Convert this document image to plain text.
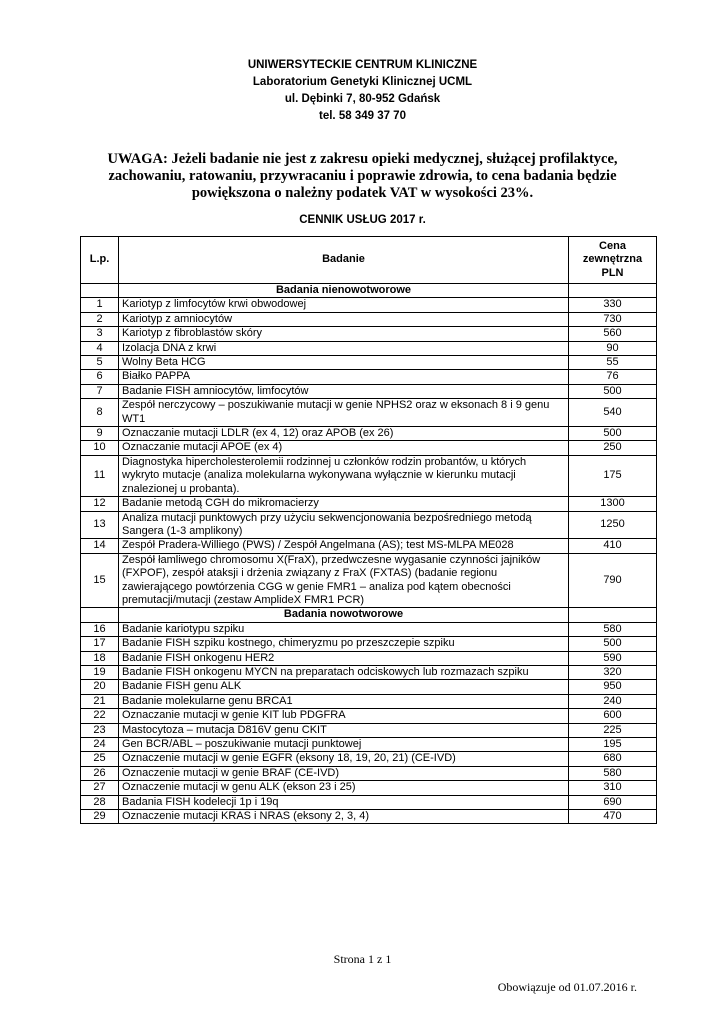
UNIWERSYTECKIE CENTRUM KLINICZNE
Laboratorium Genetyki Klinicznej UCML
ul. Dębinki 7, 80-952 Gdańsk
tel. 58 349 37 70
UWAGA: Jeżeli badanie nie jest z zakresu opieki medycznej, służącej profilaktyce,
zachowaniu, ratowaniu, przywracaniu i poprawie zdrowia, to cena badania będzie
powiększona o należny podatek VAT w wysokości 23%.
CENNIK USŁUG 2017 r.
L.p.	Badanie	Cena
zewnętrzna
PLN

	Badania nienowotworowe	
1	Kariotyp z limfocytów krwi obwodowej	330
2	Kariotyp z amniocytów	730
3	Kariotyp z fibroblastów skóry	560
4	Izolacja DNA z krwi	90
5	Wolny Beta HCG	55
6	Białko PAPPA	76
7	Badanie FISH amniocytów, limfocytów	500
8	Zespół nerczycowy – poszukiwanie mutacji w genie NPHS2 oraz w eksonach 8 i 9 genu WT1	540
9	Oznaczanie mutacji LDLR (ex 4, 12) oraz APOB (ex 26)	500
10	Oznaczanie mutacji APOE (ex 4)	250
11	Diagnostyka hipercholesterolemii rodzinnej u członków rodzin probantów, u których wykryto mutacje (analiza molekularna wykonywana wyłącznie w kierunku mutacji znalezionej u probanta).	175
12	Badanie metodą CGH do mikromacierzy	1300
13	Analiza mutacji punktowych przy użyciu sekwencjonowania bezpośredniego metodą Sangera (1-3 amplikony)	1250
14	Zespół Pradera-Williego (PWS) / Zespół Angelmana (AS); test MS-MLPA ME028	410
15	Zespół łamliwego chromosomu X(FraX), przedwczesne wygasanie czynności jajników (FXPOF), zespół ataksji i drżenia związany z FraX (FXTAS) (badanie regionu zawierającego powtórzenia CGG w genie FMR1 – analiza pod kątem obecności premutacji/mutacji (zestaw AmplideX FMR1 PCR)	790
	Badania nowotworowe	
16	Badanie kariotypu szpiku	580
17	Badanie FISH szpiku kostnego, chimeryzmu po przeszczepie szpiku	500
18	Badanie FISH onkogenu HER2	590
19	Badanie FISH onkogenu MYCN na preparatach odciskowych lub rozmazach szpiku	320
20	Badanie FISH genu ALK	950
21	Badanie molekularne genu BRCA1	240
22	Oznaczanie mutacji w genie KIT lub PDGFRA	600
23	Mastocytoza – mutacja D816V genu CKIT	225
24	Gen BCR/ABL – poszukiwanie mutacji punktowej	195
25	Oznaczenie mutacji w genie EGFR (eksony 18, 19, 20, 21) (CE-IVD)	680
26	Oznaczenie mutacji w genie BRAF (CE-IVD)	580
27	Oznaczenie mutacji w genu ALK (ekson 23 i 25)	310
28	Badania FISH kodelecji 1p i 19q	690
29	Oznaczenie mutacji KRAS i NRAS (eksony 2, 3, 4)	470
Strona 1 z 1
Obowiązuje od 01.07.2016 r.
